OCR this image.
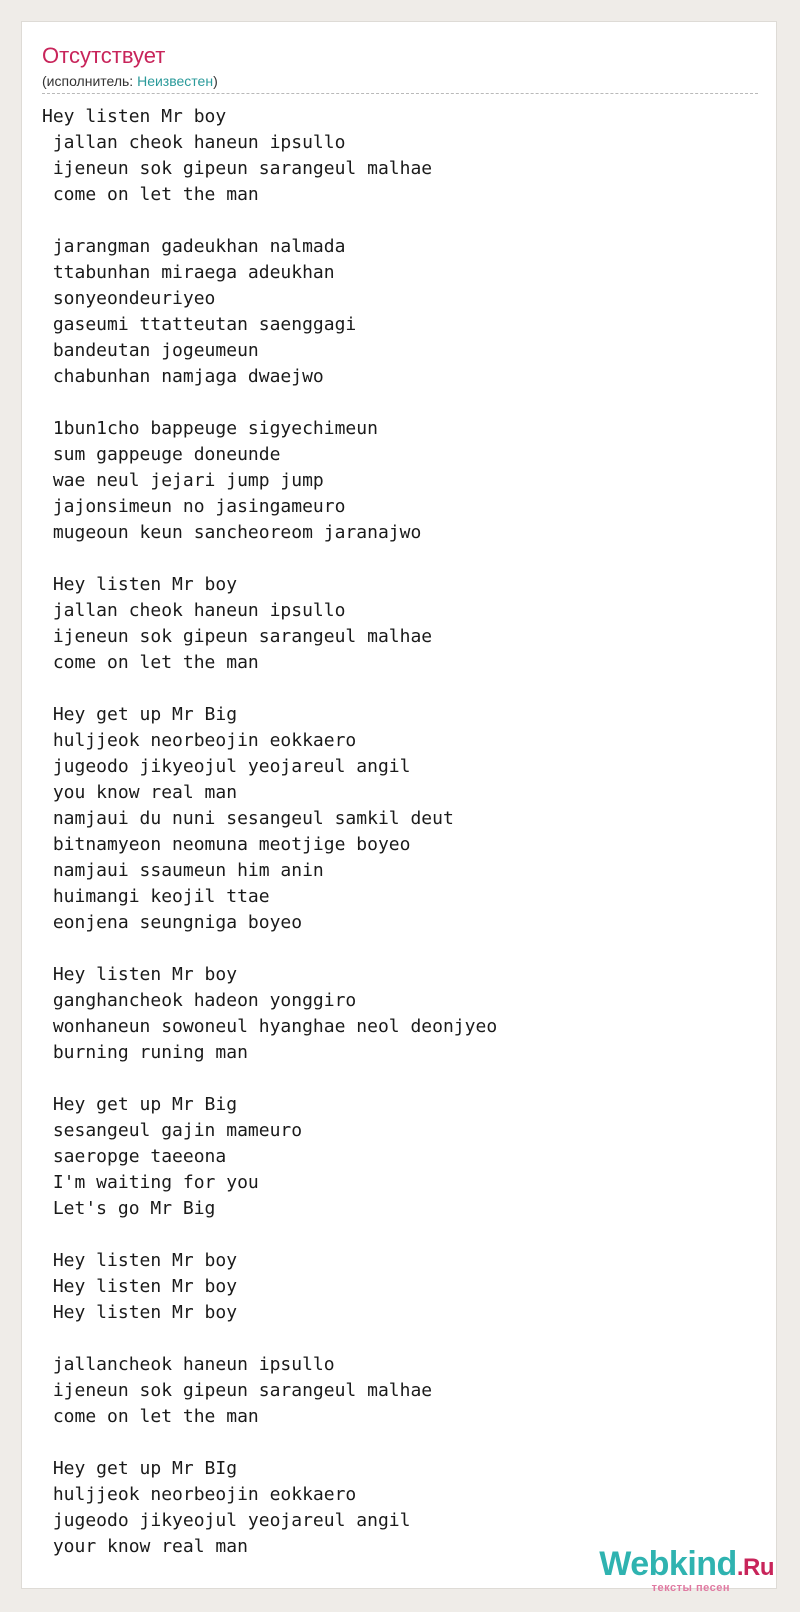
Отсутствует
(исполнитель: Неизвестен)
Hey listen Mr boy
jallan cheok haneun ipsullo
ijeneun sok gipeun sarangeul malhae
come on let the man

jarangman gadeukhan nalmada
ttabunhan miraega adeukhan
sonyeondeuriyeo
gaseumi ttatteutan saenggagi
bandeutan jogeumeun
chabunhan namjaga dwaejwo

1bun1cho bappeuge sigyechimeun
sum gappeuge doneunde
wae neul jejari jump jump
jajonsimeun no jasingameuro
mugeoun keun sancheoreom jaranajwo

Hey listen Mr boy
jallan cheok haneun ipsullo
ijeneun sok gipeun sarangeul malhae
come on let the man

Hey get up Mr Big
huljjeok neorbeojin eokkaero
jugeodo jikyeojul yeojareul angil
you know real man
namjaui du nuni sesangeul samkil deut
bitnamyeon neomuna meotjige boyeo
namjaui ssaumeun him anin
huimangi keojil ttae
eonjena seungniga boyeo

Hey listen Mr boy
ganghancheok hadeon yonggiro
wonhaneun sowoneul hyanghae neol deonjyeo
burning runing man

Hey get up Mr Big
sesangeul gajin mameuro
saeropge taeeona
I'm waiting for you
Let's go Mr Big

Hey listen Mr boy
Hey listen Mr boy
Hey listen Mr boy

jallancheok haneun ipsullo
ijeneun sok gipeun sarangeul malhae
come on let the man

Hey get up Mr BIg
huljjeok neorbeojin eokkaero
jugeodo jikyeojul yeojareul angil
your know real man	Webkind.Ru
тексты песен
